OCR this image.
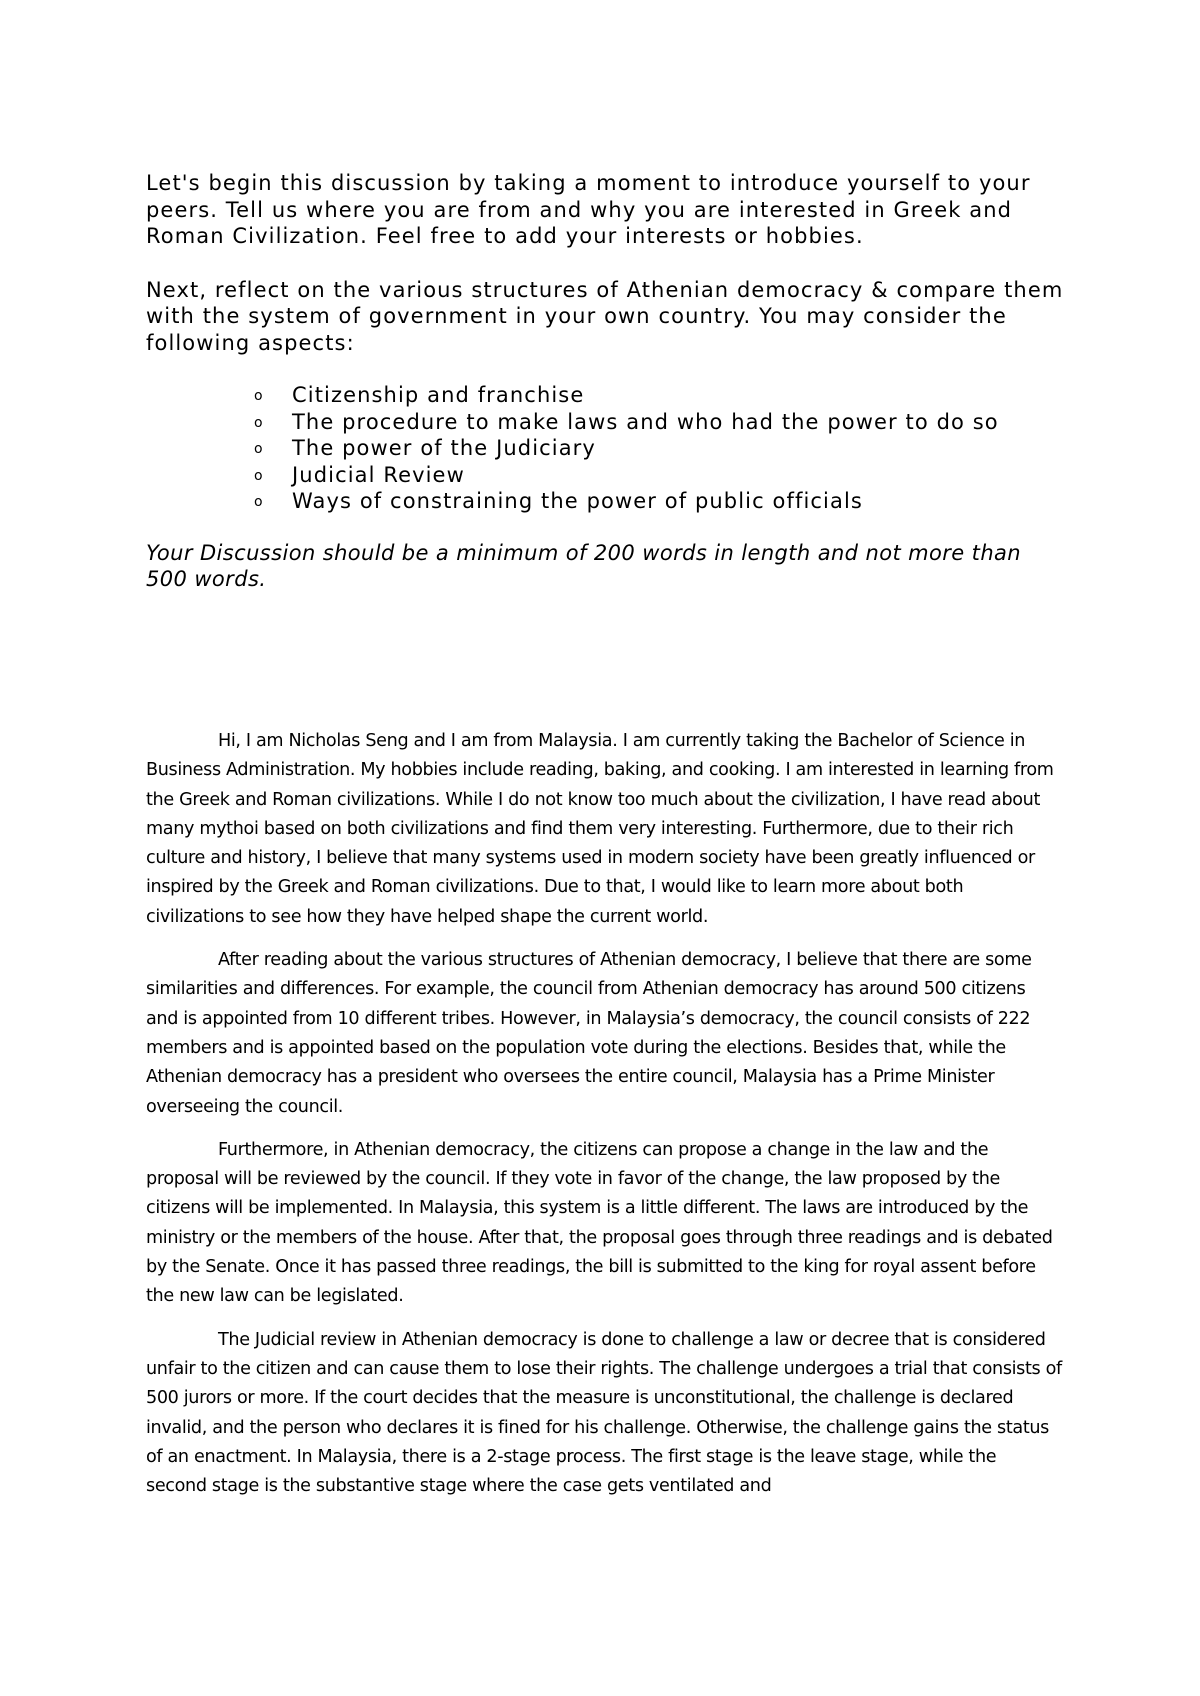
Let's begin this discussion by taking a moment to introduce yourself to your peers. Tell us where you are from and why you are interested in Greek and Roman Civilization. Feel free to add your interests or hobbies.

Next, reflect on the various structures of Athenian democracy & compare them with the system of government in your own country. You may consider the following aspects:

o Citizenship and franchise
o The procedure to make laws and who had the power to do so
o The power of the Judiciary
o Judicial Review
o Ways of constraining the power of public officials

Your Discussion should be a minimum of 200 words in length and not more than 500 words.

Hi, I am Nicholas Seng and I am from Malaysia. I am currently taking the Bachelor of Science in Business Administration. My hobbies include reading, baking, and cooking. I am interested in learning from the Greek and Roman civilizations. While I do not know too much about the civilization, I have read about many mythoi based on both civilizations and find them very interesting. Furthermore, due to their rich culture and history, I believe that many systems used in modern society have been greatly influenced or inspired by the Greek and Roman civilizations. Due to that, I would like to learn more about both civilizations to see how they have helped shape the current world.

After reading about the various structures of Athenian democracy, I believe that there are some similarities and differences. For example, the council from Athenian democracy has around 500 citizens and is appointed from 10 different tribes. However, in Malaysia’s democracy, the council consists of 222 members and is appointed based on the population vote during the elections. Besides that, while the Athenian democracy has a president who oversees the entire council, Malaysia has a Prime Minister overseeing the council.

Furthermore, in Athenian democracy, the citizens can propose a change in the law and the proposal will be reviewed by the council. If they vote in favor of the change, the law proposed by the citizens will be implemented. In Malaysia, this system is a little different. The laws are introduced by the ministry or the members of the house. After that, the proposal goes through three readings and is debated by the Senate. Once it has passed three readings, the bill is submitted to the king for royal assent before the new law can be legislated.

The Judicial review in Athenian democracy is done to challenge a law or decree that is considered unfair to the citizen and can cause them to lose their rights. The challenge undergoes a trial that consists of 500 jurors or more. If the court decides that the measure is unconstitutional, the challenge is declared invalid, and the person who declares it is fined for his challenge. Otherwise, the challenge gains the status of an enactment. In Malaysia, there is a 2-stage process. The first stage is the leave stage, while the second stage is the substantive stage where the case gets ventilated and
